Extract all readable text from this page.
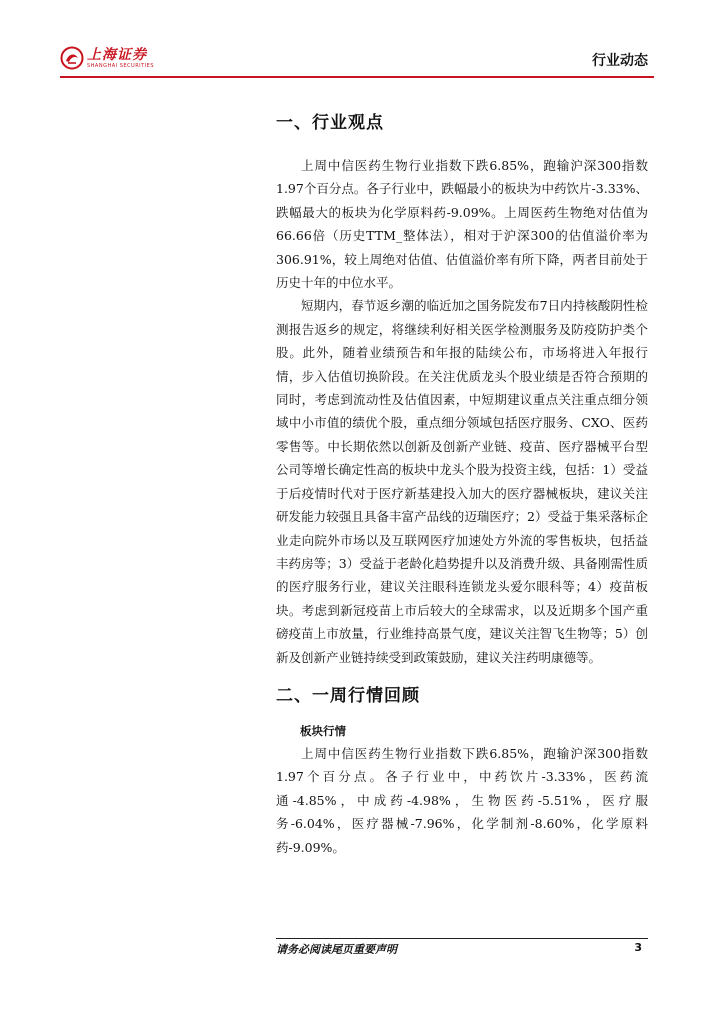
上海证券
SHANGHAI SECURITIES	行业动态
一、行业观点

上周中信医药生物行业指数下跌6.85%，跑输沪深300指数1.97个百分点。各子行业中，跌幅最小的板块为中药饮片-3.33%、跌幅最大的板块为化学原料药-9.09%。上周医药生物绝对估值为 66.66倍（历史TTM_整体法），相对于沪深300的估值溢价率为306.91%，较上周绝对估值、估值溢价率有所下降，两者目前处于历史十年的中位水平。

短期内，春节返乡潮的临近加之国务院发布7日内持核酸阴性检测报告返乡的规定，将继续利好相关医学检测服务及防疫防护类个股。此外，随着业绩预告和年报的陆续公布，市场将进入年报行情，步入估值切换阶段。在关注优质龙头个股业绩是否符合预期的同时，考虑到流动性及估值因素，中短期建议重点关注重点细分领域中小市值的绩优个股，重点细分领域包括医疗服务、CXO、医药零售等。中长期依然以创新及创新产业链、疫苗、医疗器械平台型公司等增长确定性高的板块中龙头个股为投资主线，包括：1）受益于后疫情时代对于医疗新基建投入加大的医疗器械板块，建议关注研发能力较强且具备丰富产品线的迈瑞医疗；2）受益于集采落标企业走向院外市场以及互联网医疗加速处方外流的零售板块，包括益丰药房等；3）受益于老龄化趋势提升以及消费升级、具备刚需性质的医疗服务行业，建议关注眼科连锁龙头爱尔眼科等；4）疫苗板块。考虑到新冠疫苗上市后较大的全球需求，以及近期多个国产重磅疫苗上市放量，行业维持高景气度，建议关注智飞生物等；5）创新及创新产业链持续受到政策鼓励，建议关注药明康德等。

二、一周行情回顾
板块行情

上周中信医药生物行业指数下跌6.85%，跑输沪深300指数1.97个百分点。各子行业中，中药饮片-3.33%，医药流通-4.85%，中成药-4.98%，生物医药-5.51%，医疗服务-6.04%，医疗器械-7.96%，化学制剂-8.60%，化学原料药-9.09%。

请务必阅读尾页重要声明	3
